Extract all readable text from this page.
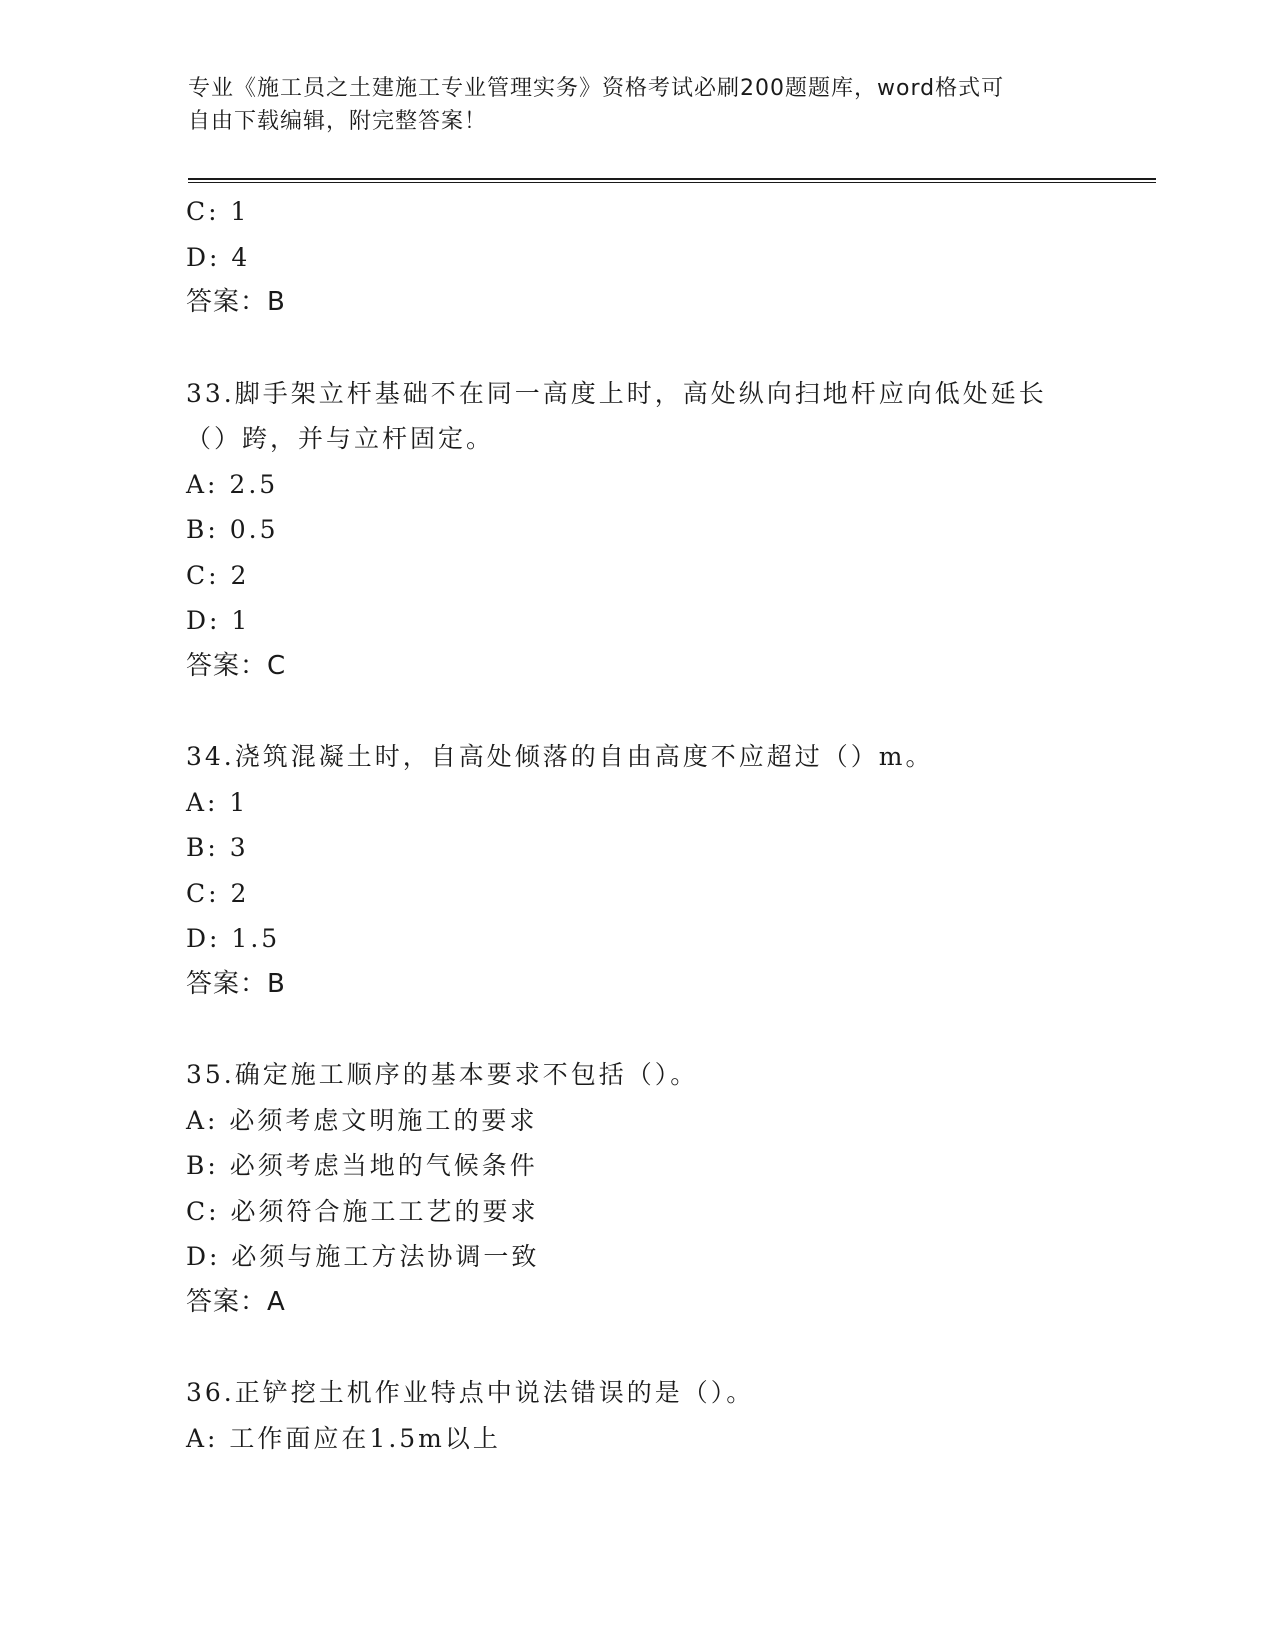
专业《施工员之土建施工专业管理实务》资格考试必刷200题题库，word格式可
自由下载编辑，附完整答案！
C: 1
D: 4
答案：B
33.脚手架立杆基础不在同一高度上时，高处纵向扫地杆应向低处延长
（）跨，并与立杆固定。
A: 2.5
B: 0.5
C: 2
D: 1
答案：C
34.浇筑混凝土时，自高处倾落的自由高度不应超过（）m。
A: 1
B: 3
C: 2
D: 1.5
答案：B
35.确定施工顺序的基本要求不包括（）。
A: 必须考虑文明施工的要求
B: 必须考虑当地的气候条件
C: 必须符合施工工艺的要求
D: 必须与施工方法协调一致
答案：A
36.正铲挖土机作业特点中说法错误的是（）。
A: 工作面应在1.5m以上
